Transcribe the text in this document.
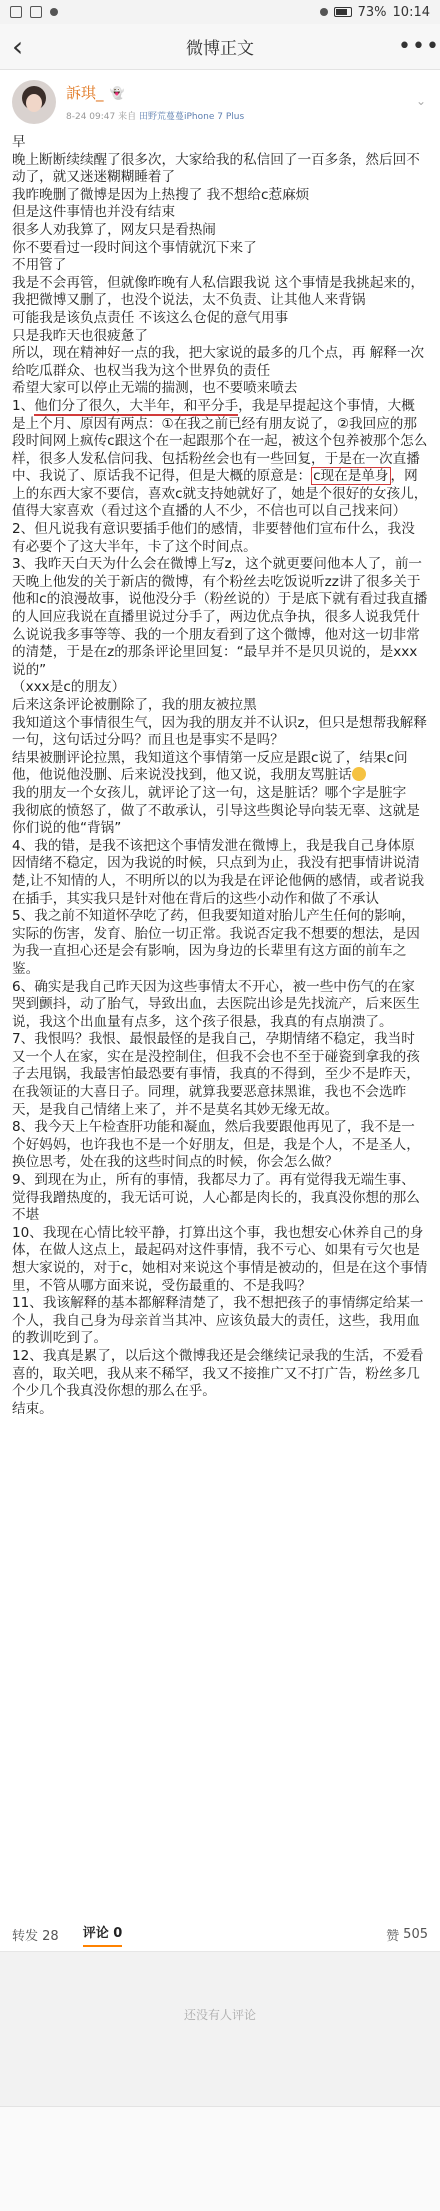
73% 10:14
‹	微博正文	•••
訴琪_ 👻
8-24 09:47 来自 田野荒蔓蔓iPhone 7 Plus
⌄

早

晚上断断续续醒了很多次，大家给我的私信回了一百多条，然后回不动了，就又迷迷糊糊睡着了

我昨晚删了微博是因为上热搜了 我不想给c惹麻烦

但是这件事情也并没有结束

很多人劝我算了，网友只是看热闹

你不要看过一段时间这个事情就沉下来了

不用管了

我是不会再管，但就像昨晚有人私信跟我说 这个事情是我挑起来的，我把微博又删了，也没个说法，太不负责、让其他人来背锅

可能我是该负点责任 不该这么仓促的意气用事

只是我昨天也很疲惫了

所以，现在精神好一点的我，把大家说的最多的几个点，再 解释一次

给吃瓜群众、也权当我为这个世界负的责任

希望大家可以停止无端的揣测，也不要喷来喷去

1、他们分了很久，大半年，和平分手，我是早提起这个事情，大概是上个月、原因有两点：①在我之前已经有朋友说了，②我回应的那段时间网上疯传c跟这个在一起跟那个在一起，被这个包养被那个怎么样，很多人发私信问我、包括粉丝会也有一些回复，于是在一次直播中、我说了、原话我不记得，但是大概的原意是： c现在是单身 ，网上的东西大家不要信，喜欢c就支持她就好了，她是个很好的女孩儿，值得大家喜欢（看过这个直播的人不少，不信也可以自己找来问）

2、但凡说我有意识要插手他们的感情，非要替他们宣布什么，我没有必要个了这大半年，卡了这个时间点。

3、我昨天白天为什么会在微博上写z，这个就更要问他本人了，前一天晚上他发的关于新店的微博，有个粉丝去吃饭说听zz讲了很多关于他和c的浪漫故事，说他没分手（粉丝说的）于是底下就有看过我直播的人回应我说在直播里说过分手了，两边优点争执，很多人说我凭什么说说我多事等等、我的一个朋友看到了这个微博，他对这一切非常的清楚，于是在z的那条评论里回复：“最早并不是贝贝说的，是xxx说的”

（xxx是c的朋友）

后来这条评论被删除了，我的朋友被拉黑

我知道这个事情很生气，因为我的朋友并不认识z，但只是想帮我解释一句，这句话过分吗？而且也是事实不是吗？

结果被删评论拉黑，我知道这个事情第一反应是跟c说了，结果c问他，他说他没删、后来说没找到，他又说，我朋友骂脏话

我的朋友一个女孩儿，就评论了这一句，这是脏话？哪个字是脏字

我彻底的愤怒了，做了不敢承认，引导这些舆论导向装无辜、这就是你们说的他“背锅”

4、我的错，是我不该把这个事情发泄在微博上，我是我自己身体原因情绪不稳定，因为我说的时候，只点到为止，我没有把事情讲说清楚,让不知情的人，不明所以的以为我是在评论他俩的感情，或者说我在插手，其实我只是针对他在背后的这些小动作和做了不承认

5、我之前不知道怀孕吃了药，但我要知道对胎儿产生任何的影响，实际的伤害，发育、胎位一切正常。我说否定我不想要的想法，是因为我一直担心还是会有影响，因为身边的长辈里有这方面的前车之鉴。

6、确实是我自己昨天因为这些事情太不开心，被一些中伤气的在家哭到颤抖，动了胎气，导致出血，去医院出诊是先找流产，后来医生说，我这个出血量有点多，这个孩子很悬，我真的有点崩溃了。

7、我恨吗？我恨、最恨最怪的是我自己，孕期情绪不稳定，我当时又一个人在家，实在是没控制住，但我不会也不至于碰瓷到拿我的孩子去甩锅，我最害怕最恐要有事情，我真的不得到，至少不是昨天，在我领证的大喜日子。同理，就算我要恶意抹黑谁，我也不会选昨天，是我自己情绪上来了，并不是莫名其妙无缘无故。

8、我今天上午检查肝功能和凝血，然后我要跟他再见了，我不是一个好妈妈，也许我也不是一个好朋友，但是，我是个人，不是圣人，换位思考，处在我的这些时间点的时候，你会怎么做？

9、到现在为止，所有的事情，我都尽力了。再有觉得我无端生事、觉得我蹭热度的，我无话可说，人心都是肉长的，我真没你想的那么不堪

10、我现在心情比较平静，打算出这个事，我也想安心休养自己的身体，在做人这点上，最起码对这件事情，我不亏心、如果有亏欠也是想大家说的，对于c，她相对来说这个事情是被动的，但是在这个事情里，不管从哪方面来说，受伤最重的、不是我吗？

11、我该解释的基本都解释清楚了，我不想把孩子的事情绑定给某一个人，我自己身为母亲首当其冲、应该负最大的责任，这些，我用血的教训吃到了。

12、我真是累了，以后这个微博我还是会继续记录我的生活，不爱看喜的，取关吧，我从来不稀罕，我又不接推广又不打广告，粉丝多几个少几个我真没你想的那么在乎。

结束。

转发 28 评论 0	赞 505
还没有人评论
